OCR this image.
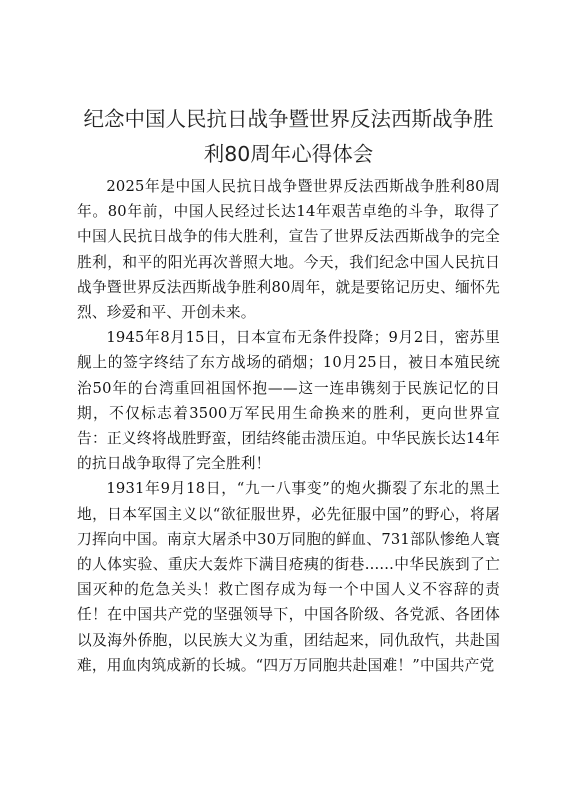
纪念中国人民抗日战争暨世界反法西斯战争胜利80周年心得体会

2025年是中国人民抗日战争暨世界反法西斯战争胜利80周年。80年前，中国人民经过长达14年艰苦卓绝的斗争，取得了中国人民抗日战争的伟大胜利，宣告了世界反法西斯战争的完全胜利，和平的阳光再次普照大地。今天，我们纪念中国人民抗日战争暨世界反法西斯战争胜利80周年，就是要铭记历史、缅怀先烈、珍爱和平、开创未来。

1945年8月15日，日本宣布无条件投降；9月2日，密苏里舰上的签字终结了东方战场的硝烟；10月25日，被日本殖民统治50年的台湾重回祖国怀抱——这一连串镌刻于民族记忆的日期，不仅标志着3500万军民用生命换来的胜利，更向世界宣告：正义终将战胜野蛮，团结终能击溃压迫。中华民族长达14年的抗日战争取得了完全胜利！

1931年9月18日，“九一八事变”的炮火撕裂了东北的黑土地，日本军国主义以“欲征服世界，必先征服中国”的野心，将屠刀挥向中国。南京大屠杀中30万同胞的鲜血、731部队惨绝人寰的人体实验、重庆大轰炸下满目疮痍的街巷......中华民族到了亡国灭种的危急关头！救亡图存成为每一个中国人义不容辞的责任！在中国共产党的坚强领导下，中国各阶级、各党派、各团体以及海外侨胞，以民族大义为重，团结起来，同仇敌忾，共赴国难，用血肉筑成新的长城。“四万万同胞共赴国难！”中国共产党
